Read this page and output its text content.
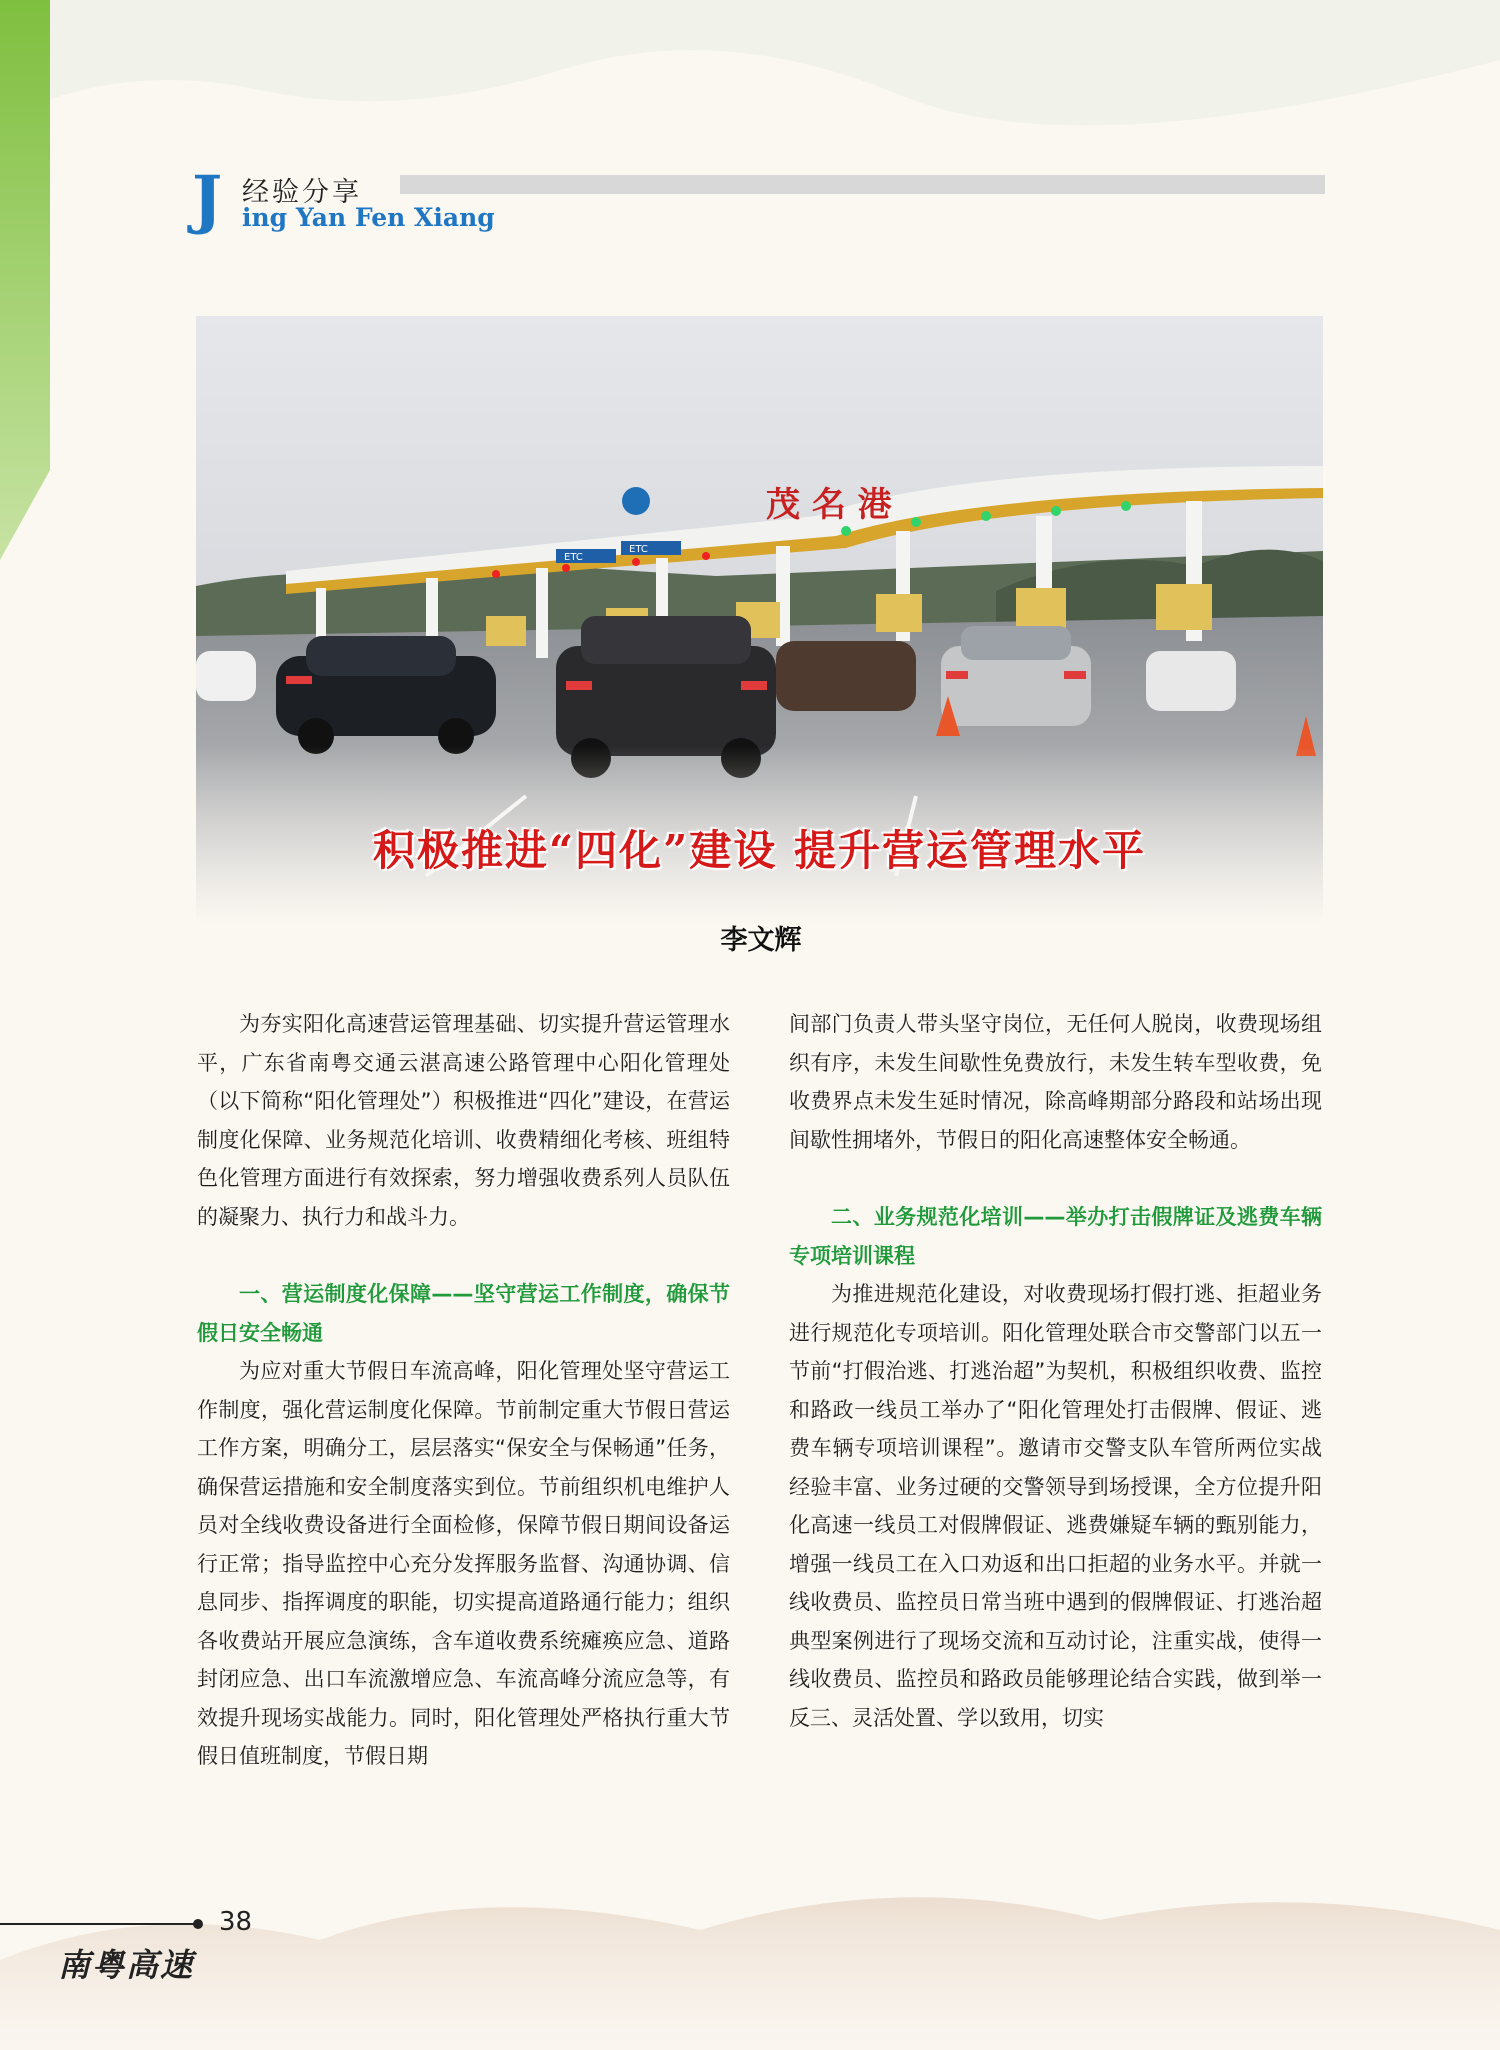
J 经验分享
ing Yan Fen Xiang
茂 名 港
ETC
ETC
积极推进“四化”建设 提升营运管理水平
李文辉

为夯实阳化高速营运管理基础、切实提升营运管理水平，广东省南粤交通云湛高速公路管理中心阳化管理处（以下简称“阳化管理处”）积极推进“四化”建设，在营运制度化保障、业务规范化培训、收费精细化考核、班组特色化管理方面进行有效探索，努力增强收费系列人员队伍的凝聚力、执行力和战斗力。

一、营运制度化保障——坚守营运工作制度，确保节假日安全畅通

为应对重大节假日车流高峰，阳化管理处坚守营运工作制度，强化营运制度化保障。节前制定重大节假日营运工作方案，明确分工，层层落实“保安全与保畅通”任务，确保营运措施和安全制度落实到位。节前组织机电维护人员对全线收费设备进行全面检修，保障节假日期间设备运行正常；指导监控中心充分发挥服务监督、沟通协调、信息同步、指挥调度的职能，切实提高道路通行能力；组织各收费站开展应急演练，含车道收费系统瘫痪应急、道路封闭应急、出口车流激增应急、车流高峰分流应急等，有效提升现场实战能力。同时，阳化管理处严格执行重大节假日值班制度，节假日期

间部门负责人带头坚守岗位，无任何人脱岗，收费现场组织有序，未发生间歇性免费放行，未发生转车型收费，免收费界点未发生延时情况，除高峰期部分路段和站场出现间歇性拥堵外，节假日的阳化高速整体安全畅通。

二、业务规范化培训——举办打击假牌证及逃费车辆专项培训课程

为推进规范化建设，对收费现场打假打逃、拒超业务进行规范化专项培训。阳化管理处联合市交警部门以五一节前“打假治逃、打逃治超”为契机，积极组织收费、监控和路政一线员工举办了“阳化管理处打击假牌、假证、逃费车辆专项培训课程”。邀请市交警支队车管所两位实战经验丰富、业务过硬的交警领导到场授课，全方位提升阳化高速一线员工对假牌假证、逃费嫌疑车辆的甄别能力，增强一线员工在入口劝返和出口拒超的业务水平。并就一线收费员、监控员日常当班中遇到的假牌假证、打逃治超典型案例进行了现场交流和互动讨论，注重实战，使得一线收费员、监控员和路政员能够理论结合实践，做到举一反三、灵活处置、学以致用，切实

38
南粤高速
